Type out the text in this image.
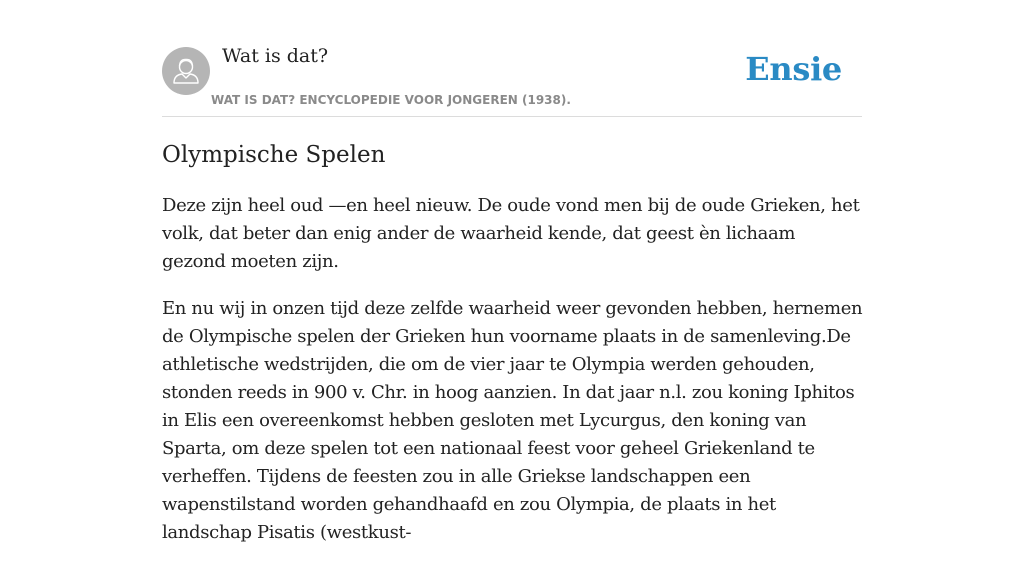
Wat is dat?
WAT IS DAT? ENCYCLOPEDIE VOOR JONGEREN (1938).
Ensie
Olympische Spelen

Deze zijn heel oud —en heel nieuw. De oude vond men bij de oude Grieken, het volk, dat beter dan enig ander de waarheid kende, dat geest èn lichaam gezond moeten zijn.

En nu wij in onzen tijd deze zelfde waarheid weer gevonden hebben, hernemen de Olympische spelen der Grieken hun voorname plaats in de samenleving.De athletische wedstrijden, die om de vier jaar te Olympia werden gehouden, stonden reeds in 900 v. Chr. in hoog aanzien. In dat jaar n.l. zou koning Iphitos in Elis een overeenkomst hebben gesloten met Lycurgus, den koning van Sparta, om deze spelen tot een nationaal feest voor geheel Griekenland te verheffen. Tijdens de feesten zou in alle Griekse landschappen een wapenstilstand worden gehandhaafd en zou Olympia, de plaats in het landschap Pisatis (westkust-
